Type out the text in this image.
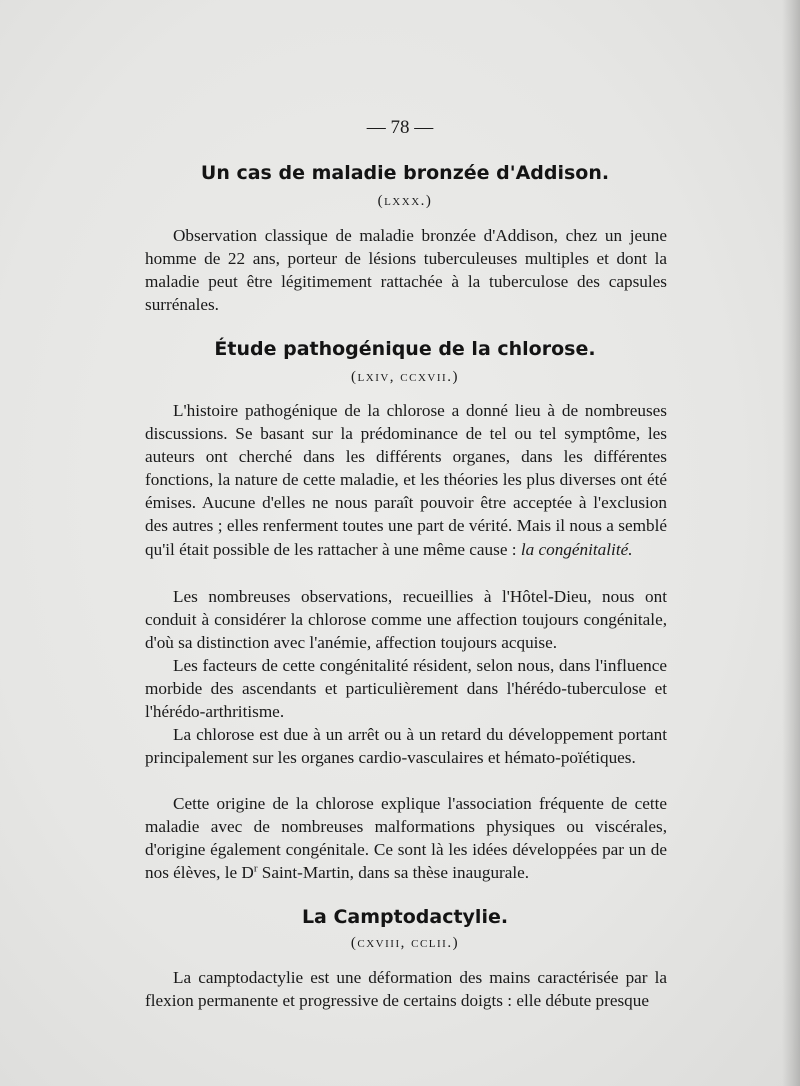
— 78 —
Un cas de maladie bronzée d'Addison.
(lxxx.)

Observation classique de maladie bronzée d'Addison, chez un jeune homme de 22 ans, porteur de lésions tuberculeuses multiples et dont la maladie peut être légitimement rattachée à la tuberculose des capsules surrénales.

Étude pathogénique de la chlorose.
(lxiv, ccxvii.)

L'histoire pathogénique de la chlorose a donné lieu à de nombreuses discussions. Se basant sur la prédominance de tel ou tel symptôme, les auteurs ont cherché dans les différents organes, dans les différentes fonctions, la nature de cette maladie, et les théories les plus diverses ont été émises. Aucune d'elles ne nous paraît pouvoir être acceptée à l'exclusion des autres ; elles renferment toutes une part de vérité. Mais il nous a semblé qu'il était possible de les rattacher à une même cause : la congénitalité.

Les nombreuses observations, recueillies à l'Hôtel-Dieu, nous ont conduit à considérer la chlorose comme une affection toujours congénitale, d'où sa distinction avec l'anémie, affection toujours acquise.

Les facteurs de cette congénitalité résident, selon nous, dans l'influence morbide des ascendants et particulièrement dans l'hérédo-tuberculose et l'hérédo-arthritisme.

La chlorose est due à un arrêt ou à un retard du développement portant principalement sur les organes cardio-vasculaires et hémato-poïétiques.

Cette origine de la chlorose explique l'association fréquente de cette maladie avec de nombreuses malformations physiques ou viscérales, d'origine également congénitale. Ce sont là les idées développées par un de nos élèves, le $D^r$ Saint-Martin, dans sa thèse inaugurale.

La Camptodactylie.
(cxviii, cclii.)

La camptodactylie est une déformation des mains caractérisée par la flexion permanente et progressive de certains doigts : elle débute presque
